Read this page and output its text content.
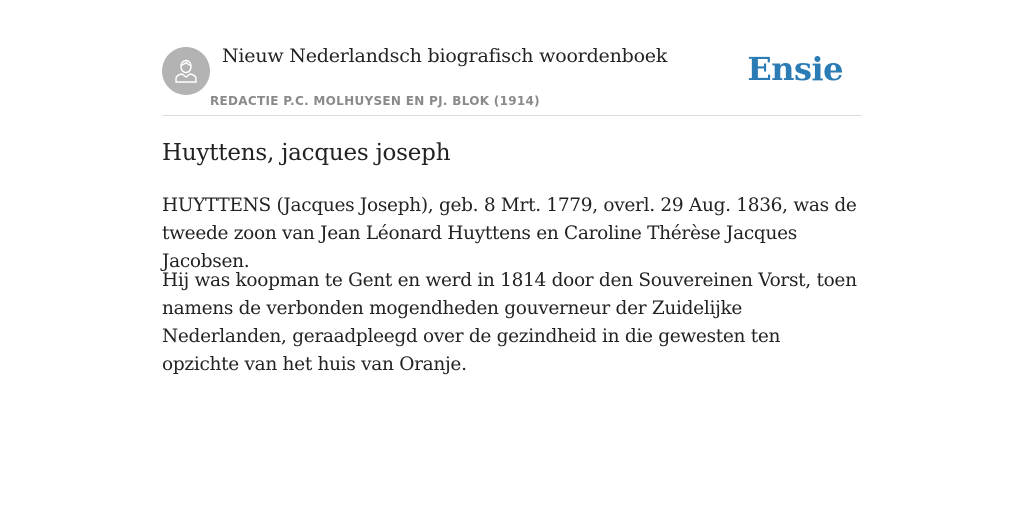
Nieuw Nederlandsch biografisch woordenboek
REDACTIE P.C. MOLHUYSEN EN PJ. BLOK (1914)
Ensie
Huyttens, jacques joseph

HUYTTENS (Jacques Joseph), geb. 8 Mrt. 1779, overl. 29 Aug. 1836, was de tweede zoon van Jean Léonard Huyttens en Caroline Thérèse Jacques Jacobsen.

Hij was koopman te Gent en werd in 1814 door den Souvereinen Vorst, toen namens de verbonden mogendheden gouverneur der Zuidelijke Nederlanden, geraadpleegd over de gezindheid in die gewesten ten opzichte van het huis van Oranje.
